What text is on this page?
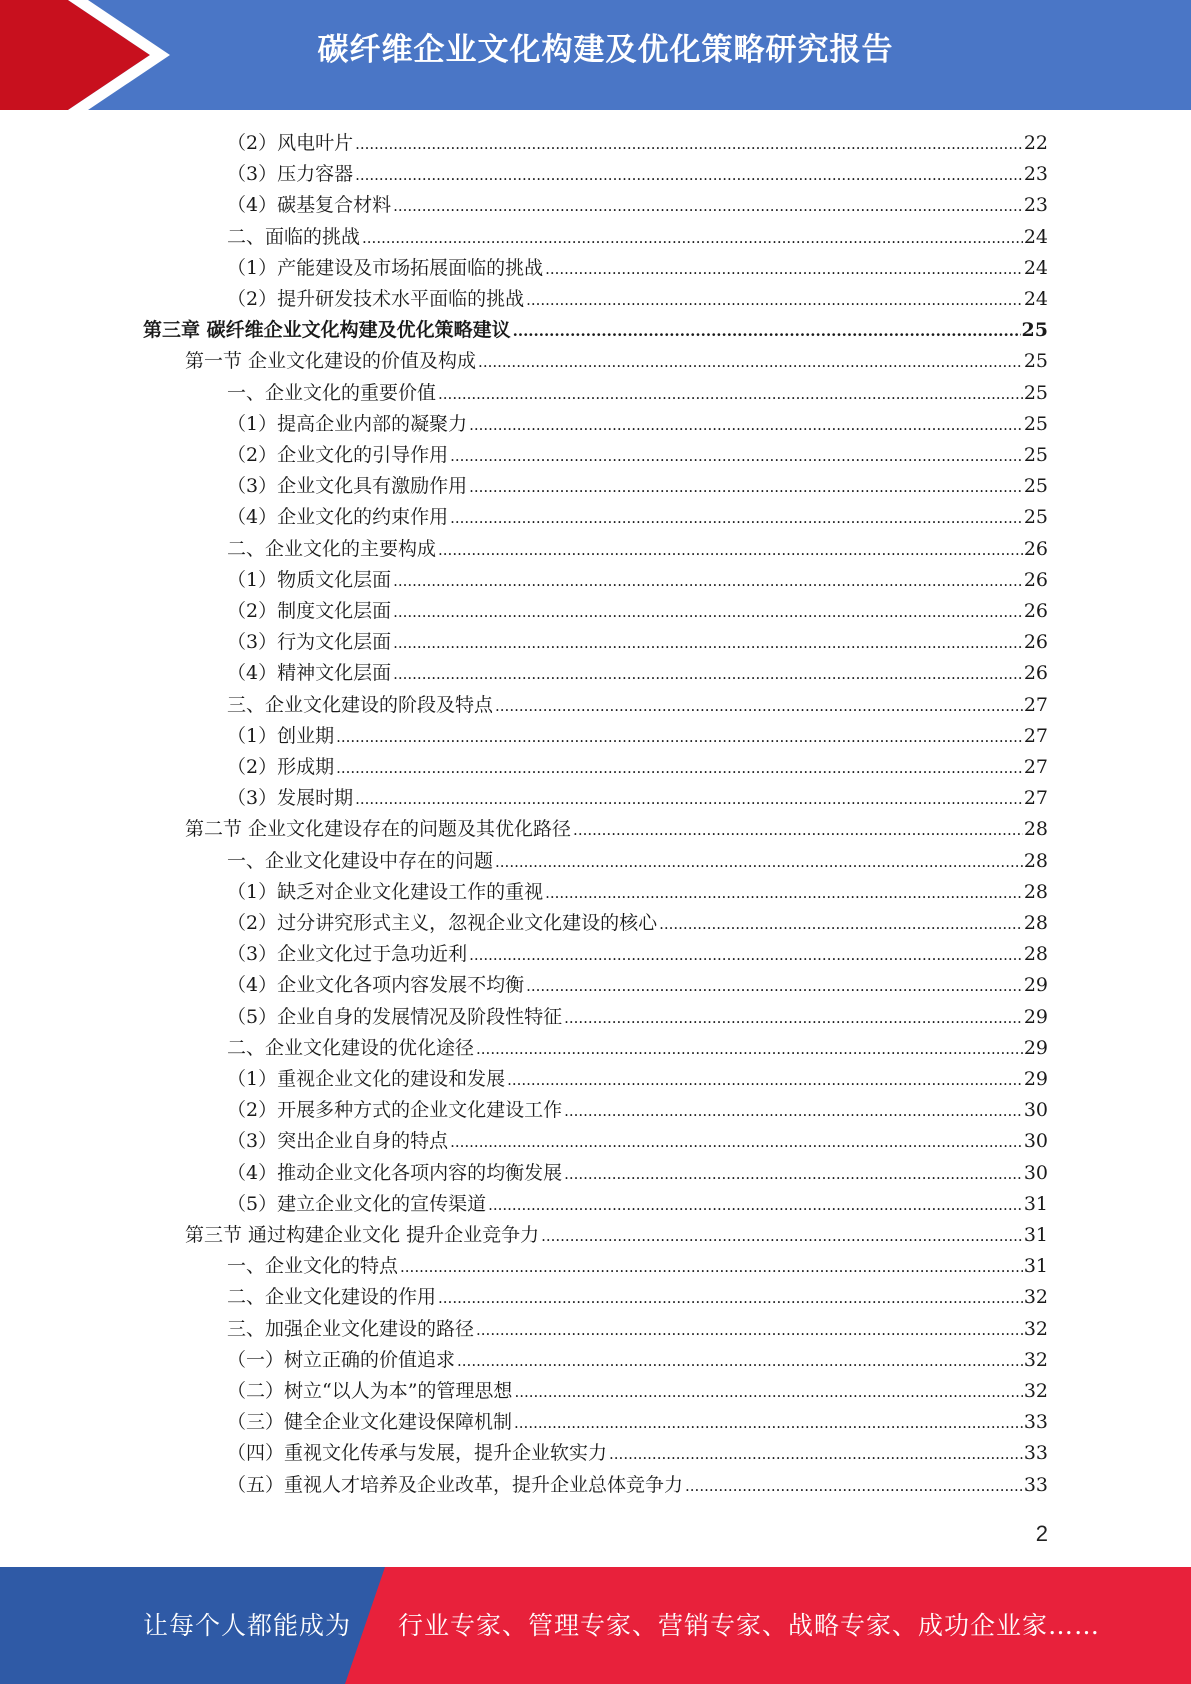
碳纤维企业文化构建及优化策略研究报告
（2）风电叶片 .....	22
（3）压力容器 .....	23
（4）碳基复合材料 .....	23
二、面临的挑战 .....	24
（1）产能建设及市场拓展面临的挑战 .....	24
（2）提升研发技术水平面临的挑战 .....	24
第三章 碳纤维企业文化构建及优化策略建议 .....	25
第一节 企业文化建设的价值及构成 .....	25
一、企业文化的重要价值 .....	25
（1）提高企业内部的凝聚力 .....	25
（2）企业文化的引导作用 .....	25
（3）企业文化具有激励作用 .....	25
（4）企业文化的约束作用 .....	25
二、企业文化的主要构成 .....	26
（1）物质文化层面 .....	26
（2）制度文化层面 .....	26
（3）行为文化层面 .....	26
（4）精神文化层面 .....	26
三、企业文化建设的阶段及特点 .....	27
（1）创业期 .....	27
（2）形成期 .....	27
（3）发展时期 .....	27
第二节 企业文化建设存在的问题及其优化路径 .....	28
一、企业文化建设中存在的问题 .....	28
（1）缺乏对企业文化建设工作的重视 .....	28
（2）过分讲究形式主义，忽视企业文化建设的核心 .....	28
（3）企业文化过于急功近利 .....	28
（4）企业文化各项内容发展不均衡 .....	29
（5）企业自身的发展情况及阶段性特征 .....	29
二、企业文化建设的优化途径 .....	29
（1）重视企业文化的建设和发展 .....	29
（2）开展多种方式的企业文化建设工作 .....	30
（3）突出企业自身的特点 .....	30
（4）推动企业文化各项内容的均衡发展 .....	30
（5）建立企业文化的宣传渠道 .....	31
第三节 通过构建企业文化 提升企业竞争力 .....	31
一、企业文化的特点 .....	31
二、企业文化建设的作用 .....	32
三、加强企业文化建设的路径 .....	32
（一）树立正确的价值追求 .....	32
（二）树立“以人为本”的管理思想 .....	32
（三）健全企业文化建设保障机制 .....	33
（四）重视文化传承与发展，提升企业软实力 .....	33
（五）重视人才培养及企业改革，提升企业总体竞争力 .....	33
2
让每个人都能成为 行业专家、管理专家、营销专家、战略专家、成功企业家……
